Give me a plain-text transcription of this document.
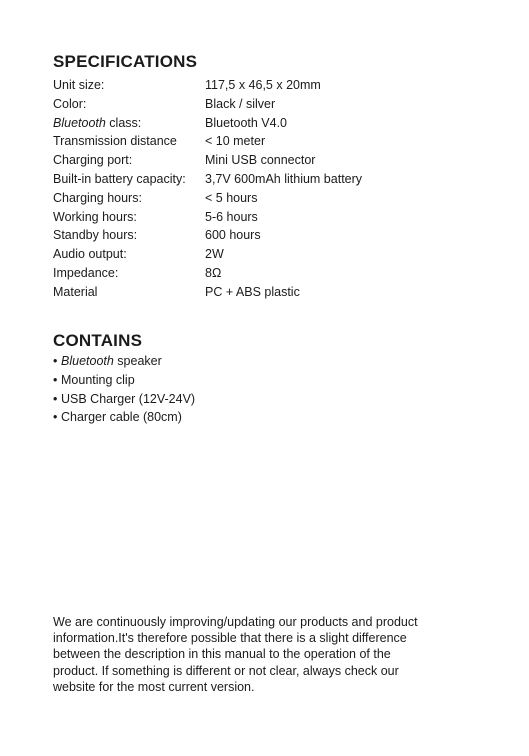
SPECIFICATIONS
Unit size:	117,5 x 46,5 x 20mm
Color:	Black / silver
Bluetooth class:	Bluetooth V4.0
Transmission distance	< 10 meter
Charging port:	Mini USB connector
Built-in battery capacity:	3,7V 600mAh lithium battery
Charging hours:	< 5 hours
Working hours:	5-6 hours
Standby hours:	600 hours
Audio output:	2W
Impedance:	8Ω
Material	PC + ABS plastic
CONTAINS
• Bluetooth speaker
• Mounting clip
• USB Charger (12V-24V)
• Charger cable (80cm)

We are continuously improving/updating our products and product
information.It's therefore possible that there is a slight difference
between the description in this manual to the operation of the
product. If something is different or not clear, always check our
website for the most current version.
